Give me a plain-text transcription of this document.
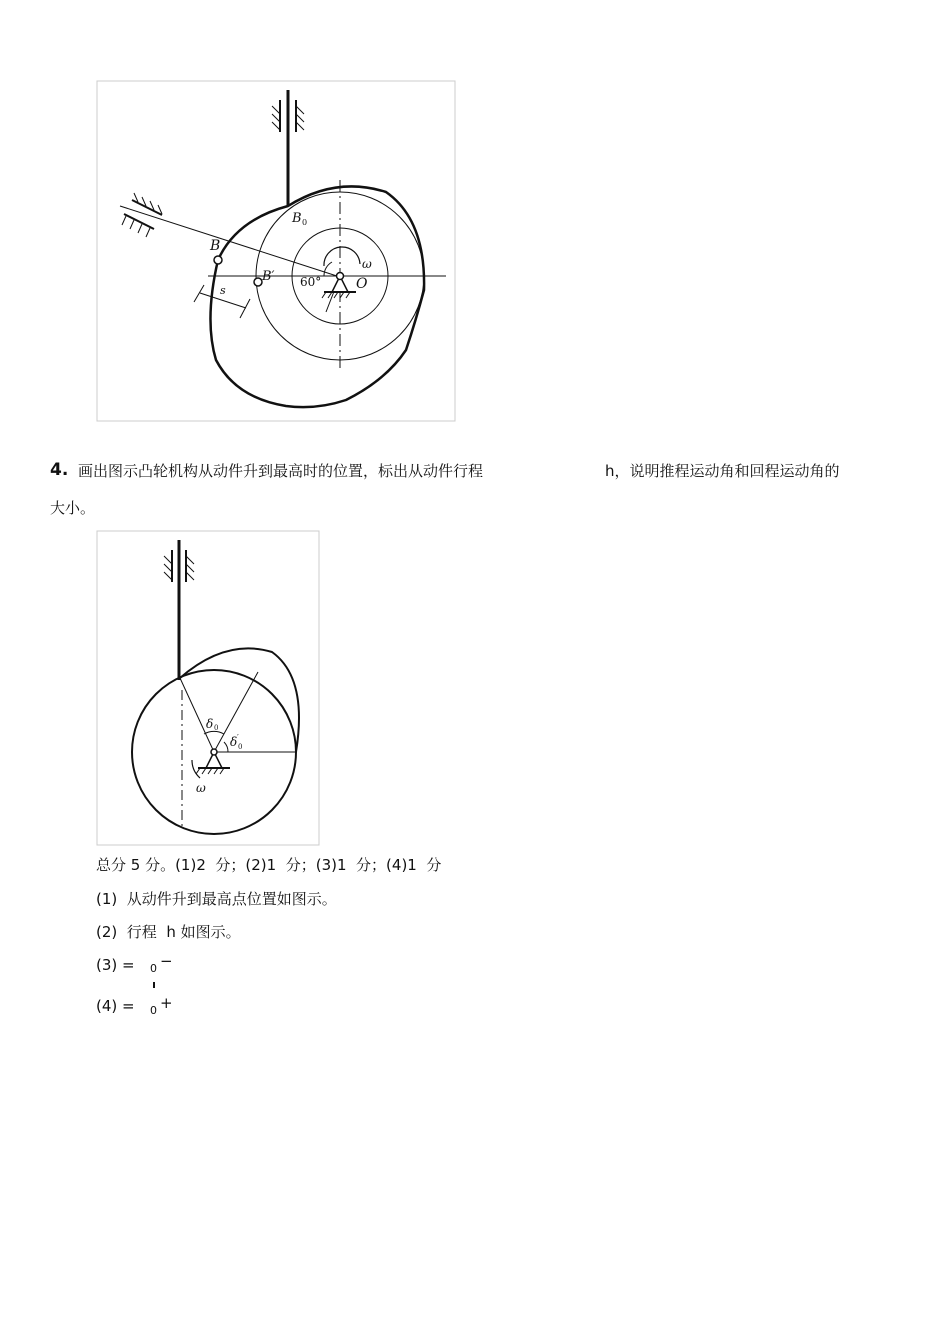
B
B 0
B′ 60° O
ω
s
4. 画出图示凸轮机构从动件升到最高时的位置，标出从动件行程	h，说明推程运动角和回程运动角的
大小。
δ 0
δ 0
′
ω
总分 5 分。(1)2  分；(2)1  分；(3)1  分；(4)1  分
(1)  从动件升到最高点位置如图示。
(2)  行程  h 如图示。
(3) = 0 −
(4) = 0 +
